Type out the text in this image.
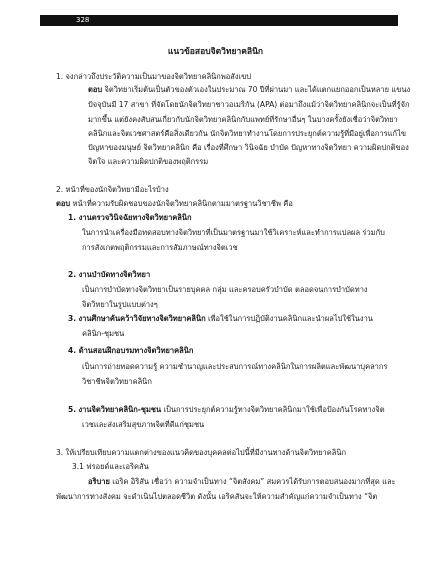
328
แนวข้อสอบจิตวิทยาคลินิก
1. จงกล่าวถึงประวัติความเป็นมาของจิตวิทยาคลินิกพอสังเขป
ตอบ จิตวิทยาเริ่มต้นเป็นตัวของตัวเองในประมาณ 70 ปีที่ผ่านมา และได้แตกแยกออกเป็นหลาย แขนง
ปัจจุบันมี 17 สาขา ที่จัดโดยนักจิตวิทยาชาวอเมริกัน (APA) ต่อมาถึงแม้ว่าจิตวิทยาคลินิกจะเป็นที่รู้จัก
มากขึ้น แต่ยังคงสับสนเกี่ยวกับนักจิตวิทยาคลินิกกับแพทย์ที่รักษาอื่นๆ ในบางครั้งยังเชื่อว่าจิตวิทยา
คลินิกและจิตเวชศาสตร์คือสิ่งเดียวกัน นักจิตวิทยาทำงานโดยการประยุกต์ความรู้ที่มีอยู่เพื่อการแก้ไข
ปัญหาของมนุษย์ จิตวิทยาคลินิก คือ เรื่องที่ศึกษา วินิจฉัย บำบัด ปัญหาทางจิตวิทยา ความผิดปกติของ
จิตใจ และความผิดปกติของพฤติกรรม
2. หน้าที่ของนักจิตวิทยามีอะไรบ้าง
ตอบ หน้าที่ความรับผิดชอบของนักจิตวิทยาคลินิกตามมาตรฐานวิชาชีพ คือ
1. งานตรวจวินิจฉัยทางจิตวิทยาคลินิก
ในการนำเครื่องมือทดสอบทางจิตวิทยาที่เป็นมาตรฐานมาใช้วิเคราะห์และทำการแปลผล ร่วมกับ
การสังเกตพฤติกรรมและการสัมภาษณ์ทางจิตเวช
2. งานบำบัดทางจิตวิทยา
เป็นการบำบัดทางจิตวิทยาเป็นรายบุคคล กลุ่ม และครอบครัวบำบัด ตลอดจนการบำบัดทาง
จิตวิทยาในรูปแบบต่างๆ
3. งานศึกษาค้นคว้าวิจัยทางจิตวิทยาคลินิก เพื่อใช้ในการปฏิบัติงานคลินิกและนำผลไปใช้ในงาน
คลินิก-ชุมชน
4. ด้านสอนฝึกอบรมทางจิตวิทยาคลินิก
เป็นการถ่ายทอดความรู้ ความชำนาญและประสบการณ์ทางคลินิกในการผลิตและพัฒนาบุคลากร
วิชาชีพจิตวิทยาคลินิก
5. งานจิตวิทยาคลินิก-ชุมชน เป็นการประยุกต์ความรู้ทางจิตวิทยาคลินิกมาใช้เพื่อป้องกันโรคทางจิต
เวชและส่งเสริมสุขภาพจิตที่ดีแก่ชุมชน
3. ให้เปรียบเทียบความแตกต่างของแนวคิดของบุคคลต่อไปนี้ที่มีงานทางด้านจิตวิทยาคลินิก
3.1 ฟรอยด์และเอริคสัน
อริบาย เอริค อิริสัน เชื่อว่า ความจำเป็นทาง “จิตสังคม” สมควรได้รับการตอบสนองมากที่สุด และ
พัฒนาการทางสังคม จะดำเนินไปตลอดชีวิต ดังนั้น เอริคสันจะให้ความสำคัญแก่ความจำเป็นทาง “จิต
